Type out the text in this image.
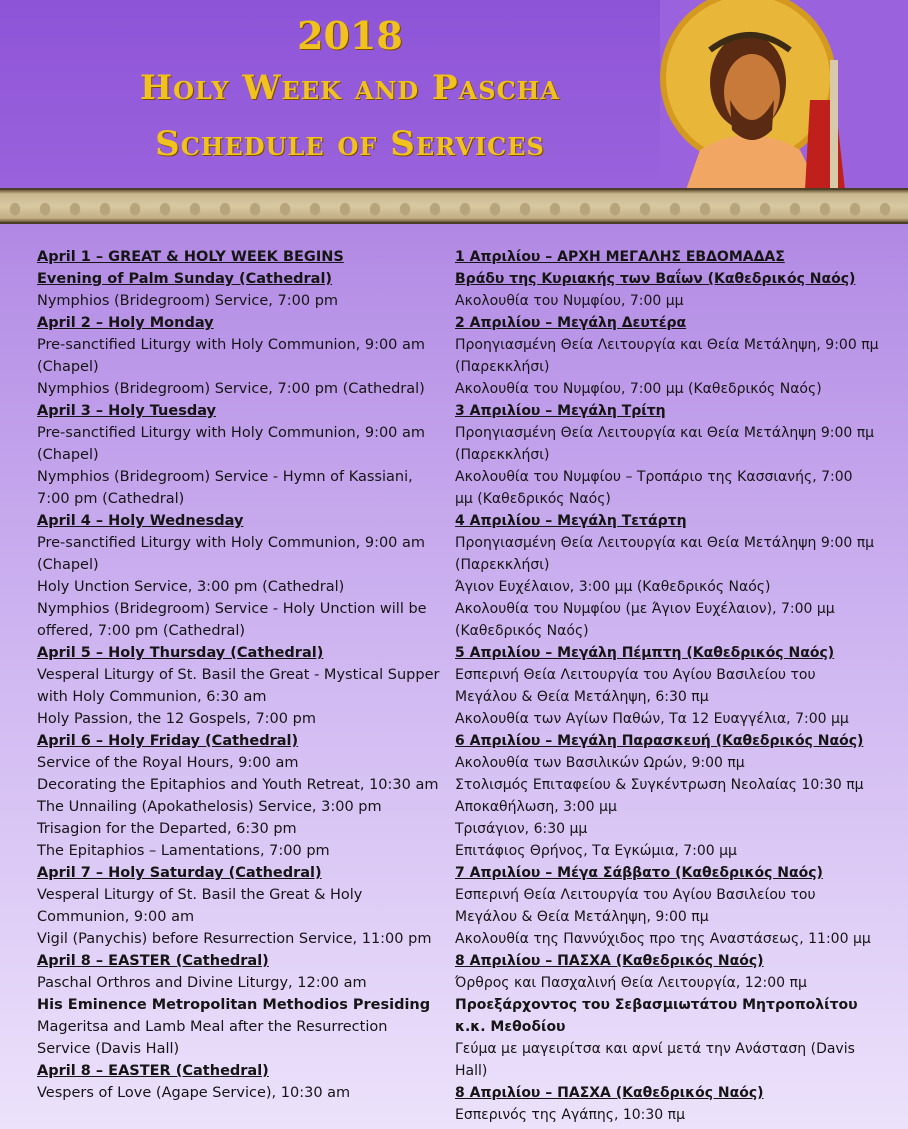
2018
Holy Week and Pascha
Schedule of Services
April 1 – GREAT & HOLY WEEK BEGINS
Evening of Palm Sunday (Cathedral)
Nymphios (Bridegroom) Service, 7:00 pm
April 2 – Holy Monday
Pre-sanctified Liturgy with Holy Communion, 9:00 am
(Chapel)
Nymphios (Bridegroom) Service, 7:00 pm (Cathedral)
April 3 – Holy Tuesday
Pre-sanctified Liturgy with Holy Communion, 9:00 am
(Chapel)
Nymphios (Bridegroom) Service - Hymn of Kassiani,
7:00 pm (Cathedral)
April 4 – Holy Wednesday
Pre-sanctified Liturgy with Holy Communion, 9:00 am
(Chapel)
Holy Unction Service, 3:00 pm (Cathedral)
Nymphios (Bridegroom) Service - Holy Unction will be
offered, 7:00 pm (Cathedral)
April 5 – Holy Thursday (Cathedral)
Vesperal Liturgy of St. Basil the Great - Mystical Supper
with Holy Communion, 6:30 am
Holy Passion, the 12 Gospels, 7:00 pm
April 6 – Holy Friday (Cathedral)
Service of the Royal Hours, 9:00 am
Decorating the Epitaphios and Youth Retreat, 10:30 am
The Unnailing (Apokathelosis) Service, 3:00 pm
Trisagion for the Departed, 6:30 pm
The Epitaphios – Lamentations, 7:00 pm
April 7 – Holy Saturday (Cathedral)
Vesperal Liturgy of St. Basil the Great & Holy
Communion, 9:00 am
Vigil (Panychis) before Resurrection Service, 11:00 pm
April 8 – EASTER (Cathedral)
Paschal Orthros and Divine Liturgy, 12:00 am
His Eminence Metropolitan Methodios Presiding
Mageritsa and Lamb Meal after the Resurrection
Service (Davis Hall)
April 8 – EASTER (Cathedral)
Vespers of Love (Agape Service), 10:30 am
1 Απριλίου – ΑΡΧΗ ΜΕΓΑΛΗΣ ΕΒΔΟΜΑΔΑΣ
Βράδυ της Κυριακής των Βαΐων (Καθεδρικός Ναός)
Ακολουθία του Νυμφίου, 7:00 μμ
2 Απριλίου – Μεγάλη Δευτέρα
Προηγιασμένη Θεία Λειτουργία και Θεία Μετάληψη, 9:00 πμ
(Παρεκκλήσι)
Ακολουθία του Νυμφίου, 7:00 μμ (Καθεδρικός Ναός)
3 Απριλίου – Μεγάλη Τρίτη
Προηγιασμένη Θεία Λειτουργία και Θεία Μετάληψη 9:00 πμ
(Παρεκκλήσι)
Ακολουθία του Νυμφίου – Τροπάριο της Κασσιανής, 7:00
μμ (Καθεδρικός Ναός)
4 Απριλίου – Μεγάλη Τετάρτη
Προηγιασμένη Θεία Λειτουργία και Θεία Μετάληψη 9:00 πμ
(Παρεκκλήσι)
Άγιον Ευχέλαιον, 3:00 μμ (Καθεδρικός Ναός)
Ακολουθία του Νυμφίου (με Άγιον Ευχέλαιον), 7:00 μμ
(Καθεδρικός Ναός)
5 Απριλίου – Μεγάλη Πέμπτη (Καθεδρικός Ναός)
Εσπερινή Θεία Λειτουργία του Αγίου Βασιλείου του
Μεγάλου & Θεία Μετάληψη, 6:30 πμ
Ακολουθία των Αγίων Παθών, Τα 12 Ευαγγέλια, 7:00 μμ
6 Απριλίου – Μεγάλη Παρασκευή (Καθεδρικός Ναός)
Ακολουθία των Βασιλικών Ωρών, 9:00 πμ
Στολισμός Επιταφείου & Συγκέντρωση Νεολαίας 10:30 πμ
Αποκαθήλωση, 3:00 μμ
Τρισάγιον, 6:30 μμ
Επιτάφιος Θρήνος, Τα Εγκώμια, 7:00 μμ
7 Απριλίου – Μέγα Σάββατο (Καθεδρικός Ναός)
Εσπερινή Θεία Λειτουργία του Αγίου Βασιλείου του
Μεγάλου & Θεία Μετάληψη, 9:00 πμ
Ακολουθία της Παννύχιδος προ της Αναστάσεως, 11:00 μμ
8 Απριλίου – ΠΑΣΧΑ (Καθεδρικός Ναός)
Όρθρος και Πασχαλινή Θεία Λειτουργία, 12:00 πμ
Προεξάρχοντος του Σεβασμιωτάτου Μητροπολίτου
κ.κ. Μεθοδίου
Γεύμα με μαγειρίτσα και αρνί μετά την Ανάσταση (Davis
Hall)
8 Απριλίου – ΠΑΣΧΑ (Καθεδρικός Ναός)
Εσπερινός της Αγάπης, 10:30 πμ
